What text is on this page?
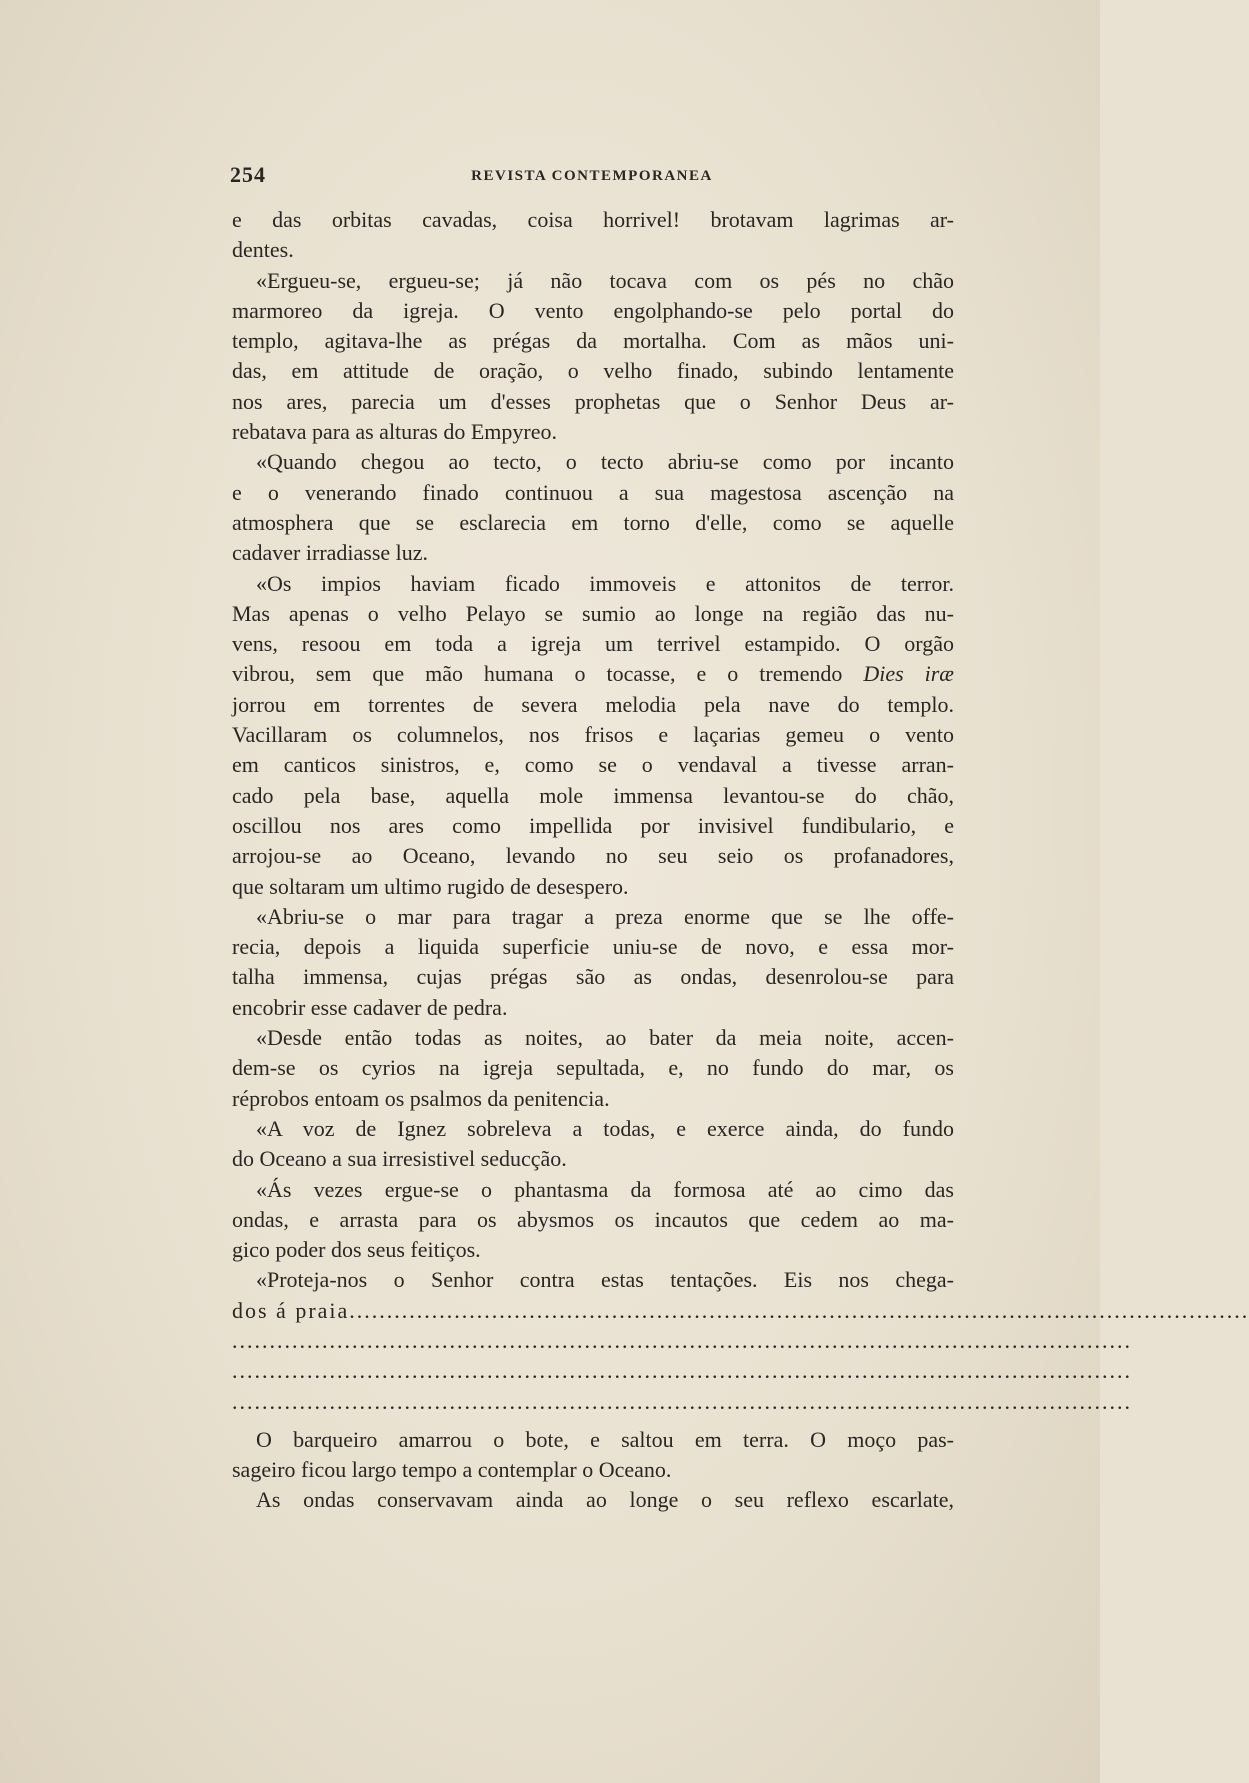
254	REVISTA CONTEMPORANEA
e das orbitas cavadas, coisa horrivel! brotavam lagrimas ar-
dentes.
«Ergueu-se, ergueu-se; já não tocava com os pés no chão
marmoreo da igreja. O vento engolphando-se pelo portal do
templo, agitava-lhe as prégas da mortalha. Com as mãos uni-
das, em attitude de oração, o velho finado, subindo lentamente
nos ares, parecia um d'esses prophetas que o Senhor Deus ar-
rebatava para as alturas do Empyreo.
«Quando chegou ao tecto, o tecto abriu-se como por incanto
e o venerando finado continuou a sua magestosa ascenção na
atmosphera que se esclarecia em torno d'elle, como se aquelle
cadaver irradiasse luz.
«Os impios haviam ficado immoveis e attonitos de terror.
Mas apenas o velho Pelayo se sumio ao longe na região das nu-
vens, resoou em toda a igreja um terrivel estampido. O orgão
vibrou, sem que mão humana o tocasse, e o tremendo Dies iræ
jorrou em torrentes de severa melodia pela nave do templo.
Vacillaram os columnelos, nos frisos e laçarias gemeu o vento
em canticos sinistros, e, como se o vendaval a tivesse arran-
cado pela base, aquella mole immensa levantou-se do chão,
oscillou nos ares como impellida por invisivel fundibulario, e
arrojou-se ao Oceano, levando no seu seio os profanadores,
que soltaram um ultimo rugido de desespero.
«Abriu-se o mar para tragar a preza enorme que se lhe offe-
recia, depois a liquida superficie uniu-se de novo, e essa mor-
talha immensa, cujas prégas são as ondas, desenrolou-se para
encobrir esse cadaver de pedra.
«Desde então todas as noites, ao bater da meia noite, accen-
dem-se os cyrios na igreja sepultada, e, no fundo do mar, os
réprobos entoam os psalmos da penitencia.
«A voz de Ignez sobreleva a todas, e exerce ainda, do fundo
do Oceano a sua irresistivel seducção.
«Ás vezes ergue-se o phantasma da formosa até ao cimo das
ondas, e arrasta para os abysmos os incautos que cedem ao ma-
gico poder dos seus feitiços.
«Proteja-nos o Senhor contra estas tentações. Eis nos chega-
dos á praia........................................................................................................................
........................................................................................................................
........................................................................................................................
........................................................................................................................
O barqueiro amarrou o bote, e saltou em terra. O moço pas-
sageiro ficou largo tempo a contemplar o Oceano.
As ondas conservavam ainda ao longe o seu reflexo escarlate,
